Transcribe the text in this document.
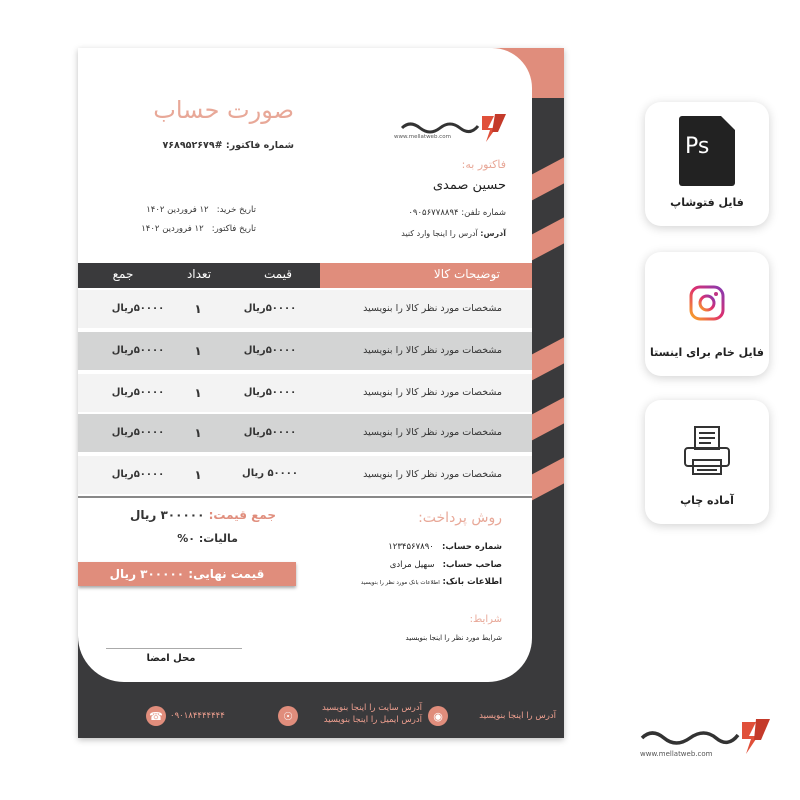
صورت حساب
شماره فاکتور: #۷۶۸۹۵۲۶۷۹
www.mellatweb.com
فاکتور به:
حسین صمدی
شماره تلفن: ۰۹۰۵۶۷۷۸۸۹۴
آدرس: آدرس را اینجا وارد کنید
تاریخ خرید:   ۱۲ فروردین ۱۴۰۲
تاریخ فاکتور:   ۱۲ فروردین ۱۴۰۲
توضیحات کالا
قیمت
تعداد
جمع
مشخصات مورد نظر کالا را بنویسید
۵۰۰۰۰ریال
۱
۵۰۰۰۰ریال
مشخصات مورد نظر کالا را بنویسید
۵۰۰۰۰ریال
۱
۵۰۰۰۰ریال
مشخصات مورد نظر کالا را بنویسید
۵۰۰۰۰ریال
۱
۵۰۰۰۰ریال
مشخصات مورد نظر کالا را بنویسید
۵۰۰۰۰ریال
۱
۵۰۰۰۰ریال
مشخصات مورد نظر کالا را بنویسید
۵۰۰۰۰ ریال
۱
۵۰۰۰۰ریال
جمع قیمت: ۳۰۰۰۰۰ ریال
مالیات: ۰%
قیمت نهایی: ۳۰۰۰۰۰ ریال
روش پرداخت:
شماره حساب:   ۱۲۳۴۵۶۷۸۹۰
صاحب حساب:   سهیل مرادی
اطلاعات بانک: اطلاعات بانک مورد نظر را بنویسید
شرایط:
شرایط مورد نظر را اینجا بنویسید
محل امضا
آدرس را اینجا بنویسید
◉
آدرس سایت را اینجا بنویسید
آدرس ایمیل را اینجا بنویسید
☉
۰۹۰۱۸۴۴۴۴۴۴۴
☎
Ps
فایل فتوشاپ
فایل خام برای اینستا
آماده چاپ
www.mellatweb.com
